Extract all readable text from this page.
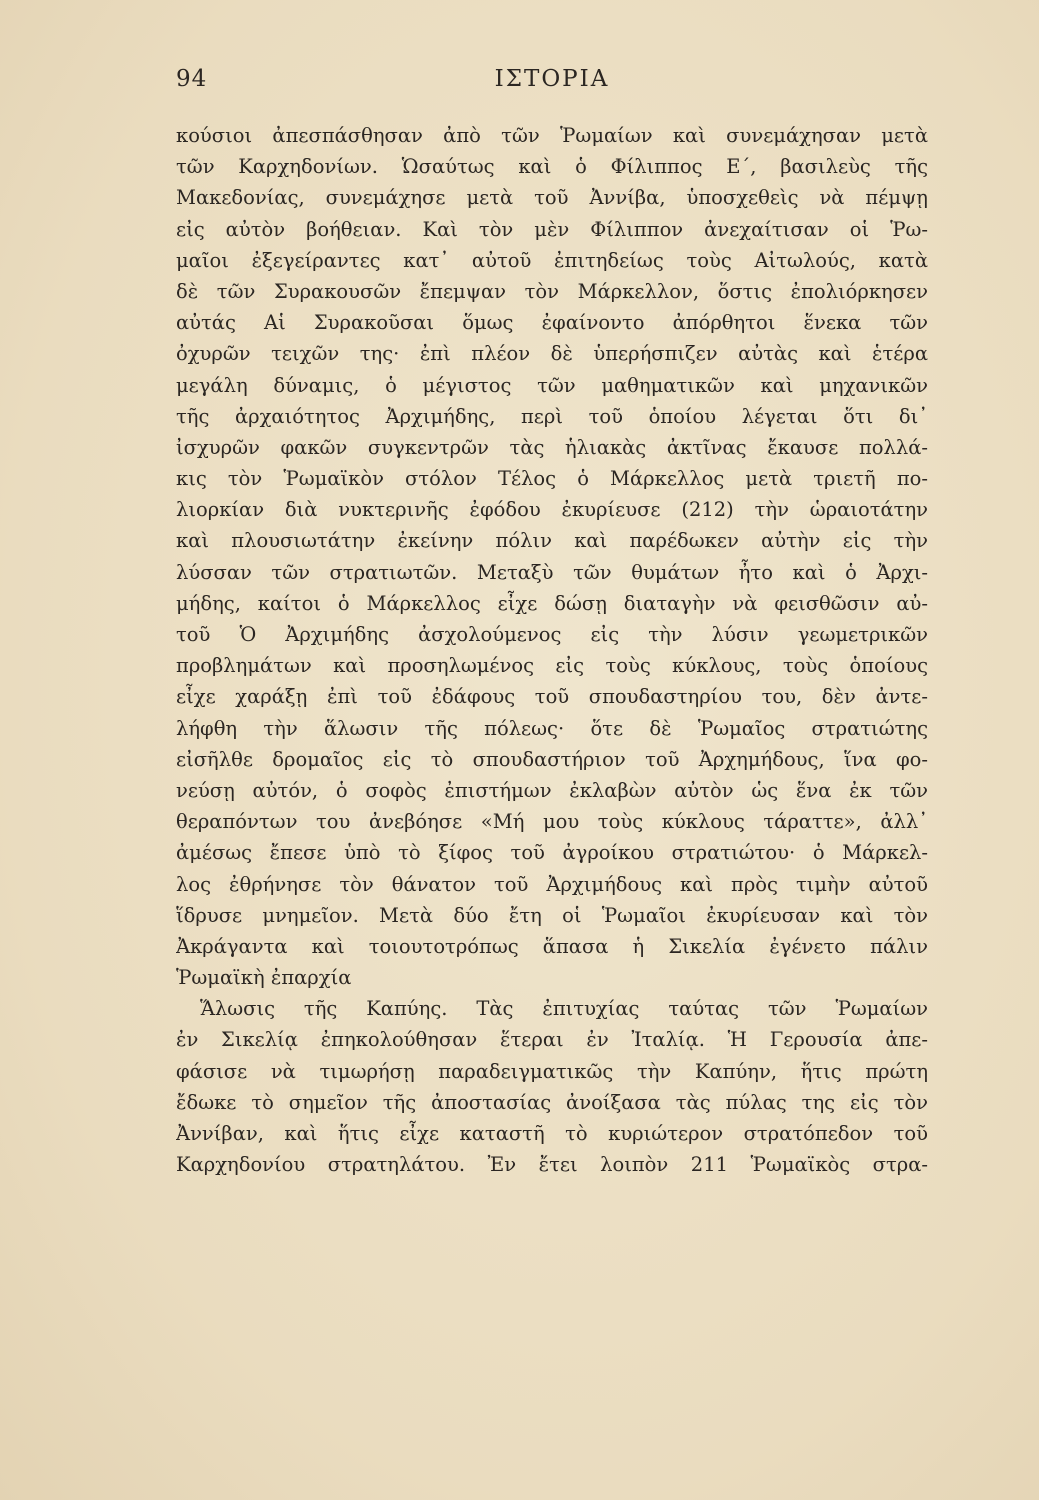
94	ΙΣΤΟΡΙΑ
κούσιοι ἀπεσπάσθησαν ἀπὸ τῶν Ῥωμαίων καὶ συνεμάχησαν μετὰ
τῶν Καρχηδονίων. Ὡσαύτως καὶ ὁ Φίλιππος Ε΄, βασιλεὺς τῆς
Μακεδονίας, συνεμάχησε μετὰ τοῦ Ἀννίβα, ὑποσχεθεὶς νὰ πέμψῃ
εἰς αὐτὸν βοήθειαν. Καὶ τὸν μὲν Φίλιππον ἀνεχαίτισαν οἱ Ῥω-
μαῖοι ἐξεγείραντες κατ᾽ αὐτοῦ ἐπιτηδείως τοὺς Αἰτωλούς, κατὰ
δὲ τῶν Συρακουσῶν ἔπεμψαν τὸν Μάρκελλον, ὅστις ἐπολιόρκησεν
αὐτάς Αἱ Συρακοῦσαι ὅμως ἐφαίνοντο ἀπόρθητοι ἕνεκα τῶν
ὀχυρῶν τειχῶν της· ἐπὶ πλέον δὲ ὑπερήσπιζεν αὐτὰς καὶ ἑτέρα
μεγάλη δύναμις, ὁ μέγιστος τῶν μαθηματικῶν καὶ μηχανικῶν
τῆς ἀρχαιότητος Ἀρχιμήδης, περὶ τοῦ ὁποίου λέγεται ὅτι δι᾽
ἰσχυρῶν φακῶν συγκεντρῶν τὰς ἡλιακὰς ἀκτῖνας ἔκαυσε πολλά-
κις τὸν Ῥωμαϊκὸν στόλον Τέλος ὁ Μάρκελλος μετὰ τριετῆ πο-
λιορκίαν διὰ νυκτερινῆς ἐφόδου ἐκυρίευσε (212) τὴν ὡραιοτάτην
καὶ πλουσιωτάτην ἐκείνην πόλιν καὶ παρέδωκεν αὐτὴν εἰς τὴν
λύσσαν τῶν στρατιωτῶν. Μεταξὺ τῶν θυμάτων ἦτο καὶ ὁ Ἀρχι-
μήδης, καίτοι ὁ Μάρκελλος εἶχε δώσῃ διαταγὴν νὰ φεισθῶσιν αὐ-
τοῦ Ὁ Ἀρχιμήδης ἀσχολούμενος εἰς τὴν λύσιν γεωμετρικῶν
προβλημάτων καὶ προσηλωμένος εἰς τοὺς κύκλους, τοὺς ὁποίους
εἶχε χαράξῃ ἐπὶ τοῦ ἐδάφους τοῦ σπουδαστηρίου του, δὲν ἀντε-
λήφθη τὴν ἅλωσιν τῆς πόλεως· ὅτε δὲ Ῥωμαῖος στρατιώτης
εἰσῆλθε δρομαῖος εἰς τὸ σπουδαστήριον τοῦ Ἀρχημήδους, ἵνα φο-
νεύσῃ αὐτόν, ὁ σοφὸς ἐπιστήμων ἐκλαβὼν αὐτὸν ὡς ἕνα ἐκ τῶν
θεραπόντων του ἀνεβόησε «Μή μου τοὺς κύκλους τάραττε», ἀλλ᾽
ἀμέσως ἔπεσε ὑπὸ τὸ ξίφος τοῦ ἀγροίκου στρατιώτου· ὁ Μάρκελ-
λος ἐθρήνησε τὸν θάνατον τοῦ Ἀρχιμήδους καὶ πρὸς τιμὴν αὐτοῦ
ἵδρυσε μνημεῖον. Μετὰ δύο ἔτη οἱ Ῥωμαῖοι ἐκυρίευσαν καὶ τὸν
Ἀκράγαντα καὶ τοιουτοτρόπως ἅπασα ἡ Σικελία ἐγένετο πάλιν
Ῥωμαϊκὴ ἐπαρχία
Ἅλωσις τῆς Καπύης. Τὰς ἐπιτυχίας ταύτας τῶν Ῥωμαίων
ἐν Σικελίᾳ ἐπηκολούθησαν ἕτεραι ἐν Ἰταλίᾳ. Ἡ Γερουσία ἀπε-
φάσισε νὰ τιμωρήσῃ παραδειγματικῶς τὴν Καπύην, ἥτις πρώτη
ἔδωκε τὸ σημεῖον τῆς ἀποστασίας ἀνοίξασα τὰς πύλας της εἰς τὸν
Ἀννίβαν, καὶ ἥτις εἶχε καταστῆ τὸ κυριώτερον στρατόπεδον τοῦ
Καρχηδονίου στρατηλάτου. Ἐν ἔτει λοιπὸν 211 Ῥωμαϊκὸς στρα-
